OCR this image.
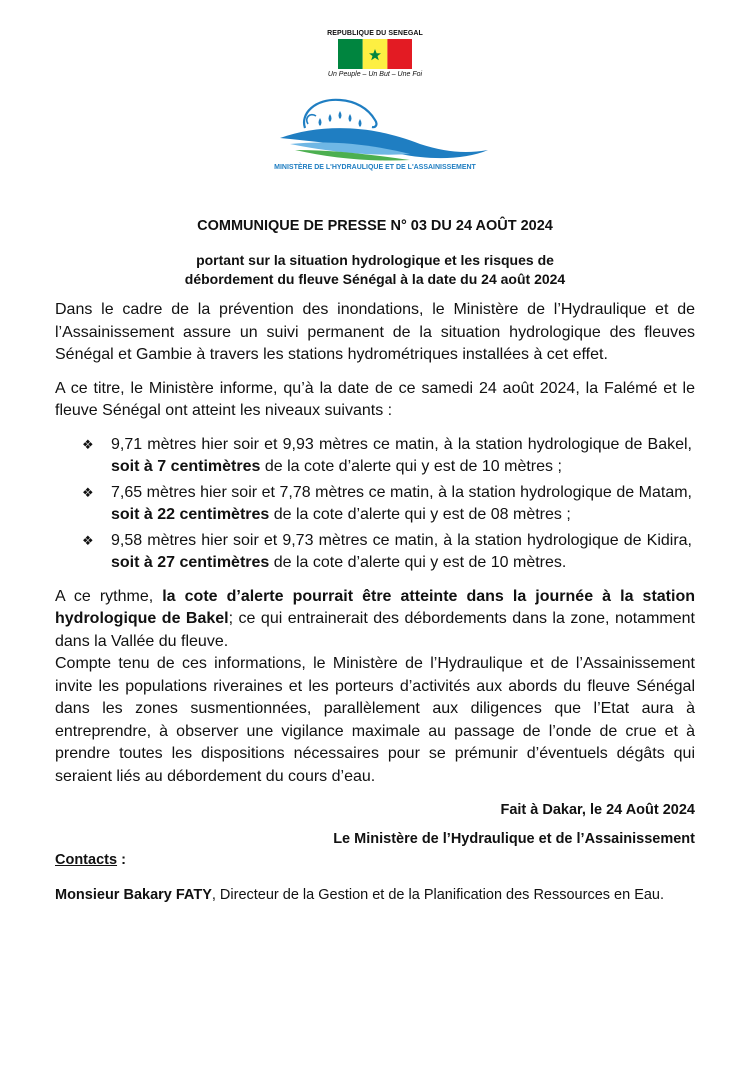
REPUBLIQUE DU SENEGAL
Un Peuple – Un But – Une Foi
MINISTÈRE DE L'HYDRAULIQUE ET DE L'ASSAINISSEMENT

COMMUNIQUE DE PRESSE N° 03 DU 24 AOÛT 2024

portant sur la situation hydrologique et les risques de
débordement du fleuve Sénégal à la date du 24 août 2024

Dans le cadre de la prévention des inondations, le Ministère de l’Hydraulique et de l’Assainissement assure un suivi permanent de la situation hydrologique des fleuves Sénégal et Gambie à travers les stations hydrométriques installées à cet effet.

A ce titre, le Ministère informe, qu’à la date de ce samedi 24 août 2024, la Falémé et le fleuve Sénégal ont atteint les niveaux suivants :

❖ 9,71 mètres hier soir et 9,93 mètres ce matin, à la station hydrologique de Bakel, soit à 7 centimètres de la cote d’alerte qui y est de 10 mètres ;
❖ 7,65 mètres hier soir et 7,78 mètres ce matin, à la station hydrologique de Matam, soit à 22 centimètres de la cote d’alerte qui y est de 08 mètres ;
❖ 9,58 mètres hier soir et 9,73 mètres ce matin, à la station hydrologique de Kidira, soit à 27 centimètres de la cote d’alerte qui y est de 10 mètres.

A ce rythme, la cote d’alerte pourrait être atteinte dans la journée à la station hydrologique de Bakel; ce qui entrainerait des débordements dans la zone, notamment dans la Vallée du fleuve.

Compte tenu de ces informations, le Ministère de l’Hydraulique et de l’Assainissement invite les populations riveraines et les porteurs d’activités aux abords du fleuve Sénégal dans les zones susmentionnées, parallèlement aux diligences que l’Etat aura à entreprendre, à observer une vigilance maximale au passage de l’onde de crue et à prendre toutes les dispositions nécessaires pour se prémunir d’éventuels dégâts qui seraient liés au débordement du cours d’eau.

Fait à Dakar, le 24 Août 2024

Le Ministère de l’Hydraulique et de l’Assainissement

Contacts :

Monsieur Bakary FATY, Directeur de la Gestion et de la Planification des Ressources en Eau.
